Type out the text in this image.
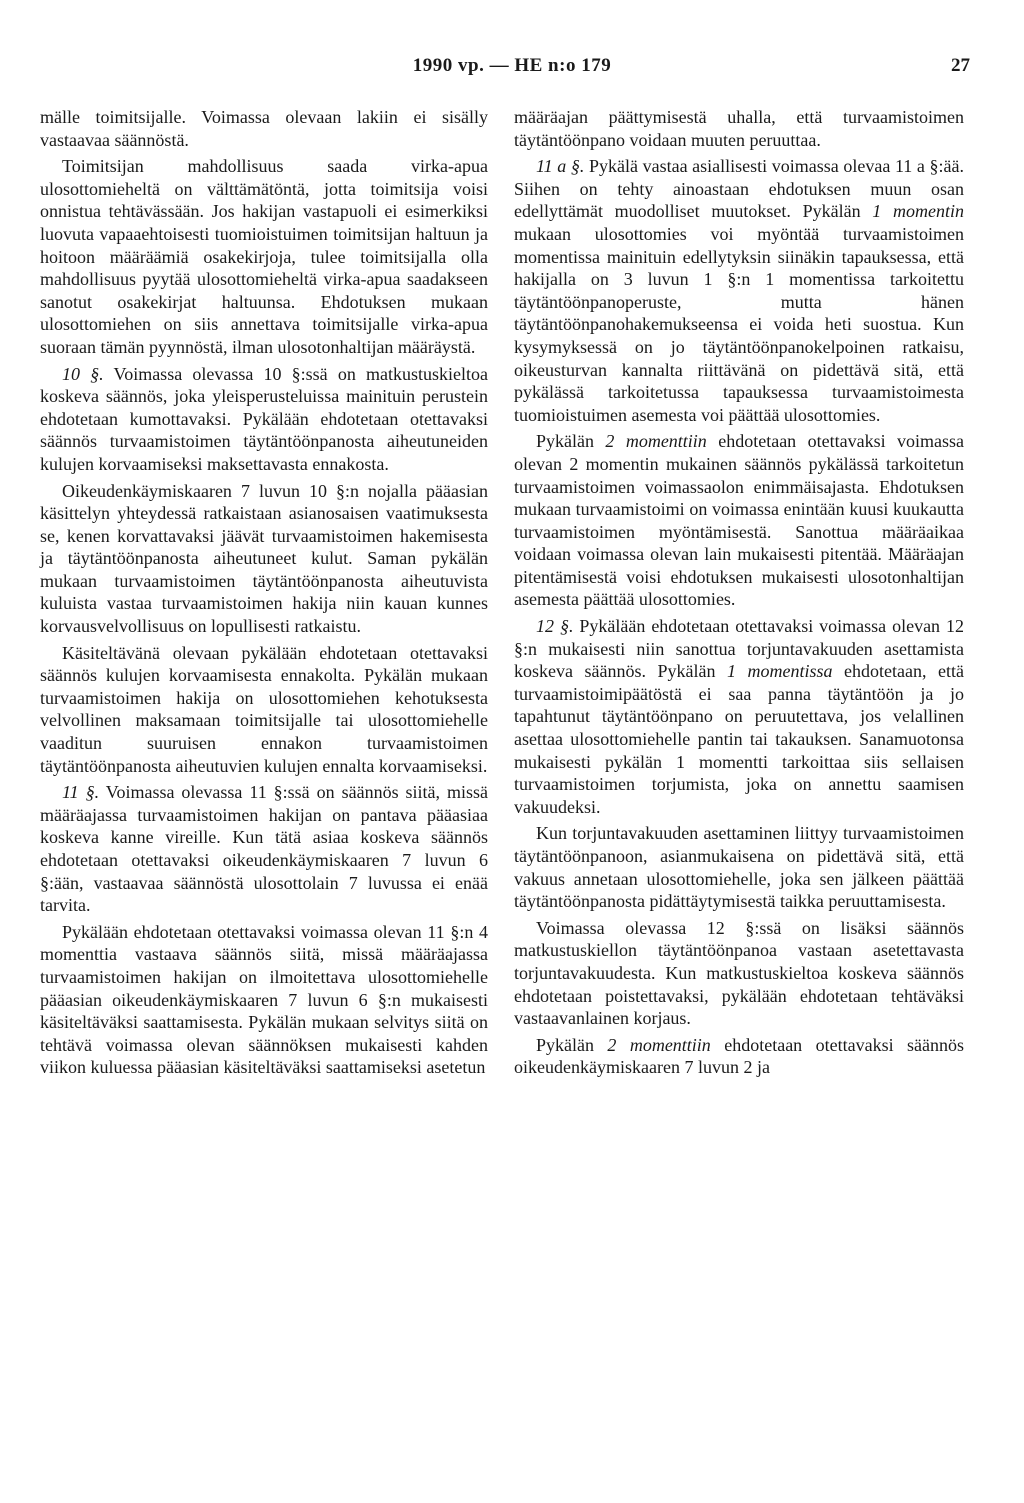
1990 vp. — HE n:o 179	27

mälle toimitsijalle. Voimassa olevaan lakiin ei sisälly vastaavaa säännöstä.

Toimitsijan mahdollisuus saada virka-apua ulosottomieheltä on välttämätöntä, jotta toimitsija voisi onnistua tehtävässään. Jos hakijan vastapuoli ei esimerkiksi luovuta vapaaehtoisesti tuomioistuimen toimitsijan haltuun ja hoitoon määräämiä osakekirjoja, tulee toimitsijalla olla mahdollisuus pyytää ulosottomieheltä virka-apua saadakseen sanotut osakekirjat haltuunsa. Ehdotuksen mukaan ulosottomiehen on siis annettava toimitsijalle virka-apua suoraan tämän pyynnöstä, ilman ulosotonhaltijan määräystä.

10 §. Voimassa olevassa 10 §:ssä on matkustuskieltoa koskeva säännös, joka yleisperusteluissa mainituin perustein ehdotetaan kumottavaksi. Pykälään ehdotetaan otettavaksi säännös turvaamistoimen täytäntöönpanosta aiheutuneiden kulujen korvaamiseksi maksettavasta ennakosta.

Oikeudenkäymiskaaren 7 luvun 10 §:n nojalla pääasian käsittelyn yhteydessä ratkaistaan asianosaisen vaatimuksesta se, kenen korvattavaksi jäävät turvaamistoimen hakemisesta ja täytäntöönpanosta aiheutuneet kulut. Saman pykälän mukaan turvaamistoimen täytäntöönpanosta aiheutuvista kuluista vastaa turvaamistoimen hakija niin kauan kunnes korvausvelvollisuus on lopullisesti ratkaistu.

Käsiteltävänä olevaan pykälään ehdotetaan otettavaksi säännös kulujen korvaamisesta ennakolta. Pykälän mukaan turvaamistoimen hakija on ulosottomiehen kehotuksesta velvollinen maksamaan toimitsijalle tai ulosottomiehelle vaaditun suuruisen ennakon turvaamistoimen täytäntöönpanosta aiheutuvien kulujen ennalta korvaamiseksi.

11 §. Voimassa olevassa 11 §:ssä on säännös siitä, missä määräajassa turvaamistoimen hakijan on pantava pääasiaa koskeva kanne vireille. Kun tätä asiaa koskeva säännös ehdotetaan otettavaksi oikeudenkäymiskaaren 7 luvun 6 §:ään, vastaavaa säännöstä ulosottolain 7 luvussa ei enää tarvita.

Pykälään ehdotetaan otettavaksi voimassa olevan 11 §:n 4 momenttia vastaava säännös siitä, missä määräajassa turvaamistoimen hakijan on ilmoitettava ulosottomiehelle pääasian oikeudenkäymiskaaren 7 luvun 6 §:n mukaisesti käsiteltäväksi saattamisesta. Pykälän mukaan selvitys siitä on tehtävä voimassa olevan säännöksen mukaisesti kahden viikon kuluessa pääasian käsiteltäväksi saattamiseksi asetetun

määräajan päättymisestä uhalla, että turvaamistoimen täytäntöönpano voidaan muuten peruuttaa.

11 a §. Pykälä vastaa asiallisesti voimassa olevaa 11 a §:ää. Siihen on tehty ainoastaan ehdotuksen muun osan edellyttämät muodolliset muutokset. Pykälän 1 momentin mukaan ulosottomies voi myöntää turvaamistoimen momentissa mainituin edellytyksin siinäkin tapauksessa, että hakijalla on 3 luvun 1 §:n 1 momentissa tarkoitettu täytäntöönpanoperuste, mutta hänen täytäntöönpanohakemukseensa ei voida heti suostua. Kun kysymyksessä on jo täytäntöönpanokelpoinen ratkaisu, oikeusturvan kannalta riittävänä on pidettävä sitä, että pykälässä tarkoitetussa tapauksessa turvaamistoimesta tuomioistuimen asemesta voi päättää ulosottomies.

Pykälän 2 momenttiin ehdotetaan otettavaksi voimassa olevan 2 momentin mukainen säännös pykälässä tarkoitetun turvaamistoimen voimassaolon enimmäisajasta. Ehdotuksen mukaan turvaamistoimi on voimassa enintään kuusi kuukautta turvaamistoimen myöntämisestä. Sanottua määräaikaa voidaan voimassa olevan lain mukaisesti pitentää. Määräajan pitentämisestä voisi ehdotuksen mukaisesti ulosotonhaltijan asemesta päättää ulosottomies.

12 §. Pykälään ehdotetaan otettavaksi voimassa olevan 12 §:n mukaisesti niin sanottua torjuntavakuuden asettamista koskeva säännös. Pykälän 1 momentissa ehdotetaan, että turvaamistoimipäätöstä ei saa panna täytäntöön ja jo tapahtunut täytäntöönpano on peruutettava, jos velallinen asettaa ulosottomiehelle pantin tai takauksen. Sanamuotonsa mukaisesti pykälän 1 momentti tarkoittaa siis sellaisen turvaamistoimen torjumista, joka on annettu saamisen vakuudeksi.

Kun torjuntavakuuden asettaminen liittyy turvaamistoimen täytäntöönpanoon, asianmukaisena on pidettävä sitä, että vakuus annetaan ulosottomiehelle, joka sen jälkeen päättää täytäntöönpanosta pidättäytymisestä taikka peruuttamisesta.

Voimassa olevassa 12 §:ssä on lisäksi säännös matkustuskiellon täytäntöönpanoa vastaan asetettavasta torjuntavakuudesta. Kun matkustuskieltoa koskeva säännös ehdotetaan poistettavaksi, pykälään ehdotetaan tehtäväksi vastaavanlainen korjaus.

Pykälän 2 momenttiin ehdotetaan otettavaksi säännös oikeudenkäymiskaaren 7 luvun 2 ja
